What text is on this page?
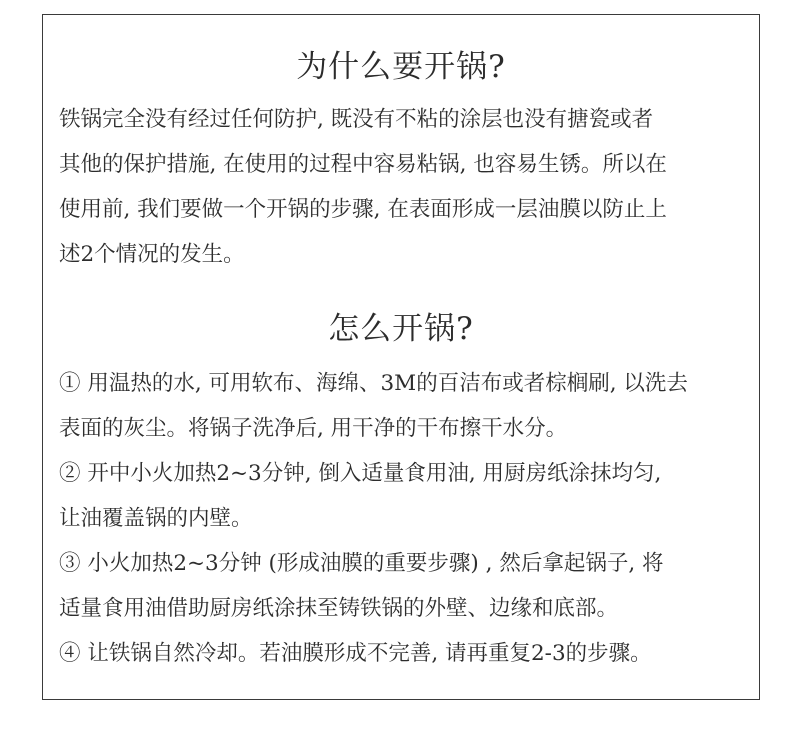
为什么要开锅?
铁锅完全没有经过任何防护, 既没有不粘的涂层也没有搪瓷或者
其他的保护措施, 在使用的过程中容易粘锅, 也容易生锈。所以在
使用前, 我们要做一个开锅的步骤, 在表面形成一层油膜以防止上
述2个情况的发生。
怎么开锅?
① 用温热的水, 可用软布、海绵、3M的百洁布或者棕榈刷, 以洗去
表面的灰尘。将锅子洗净后, 用干净的干布擦干水分。
② 开中小火加热2~3分钟, 倒入适量食用油, 用厨房纸涂抹均匀,
让油覆盖锅的内壁。
③ 小火加热2~3分钟 (形成油膜的重要步骤) , 然后拿起锅子, 将
适量食用油借助厨房纸涂抹至铸铁锅的外壁、边缘和底部。
④ 让铁锅自然冷却。若油膜形成不完善, 请再重复2-3的步骤。
